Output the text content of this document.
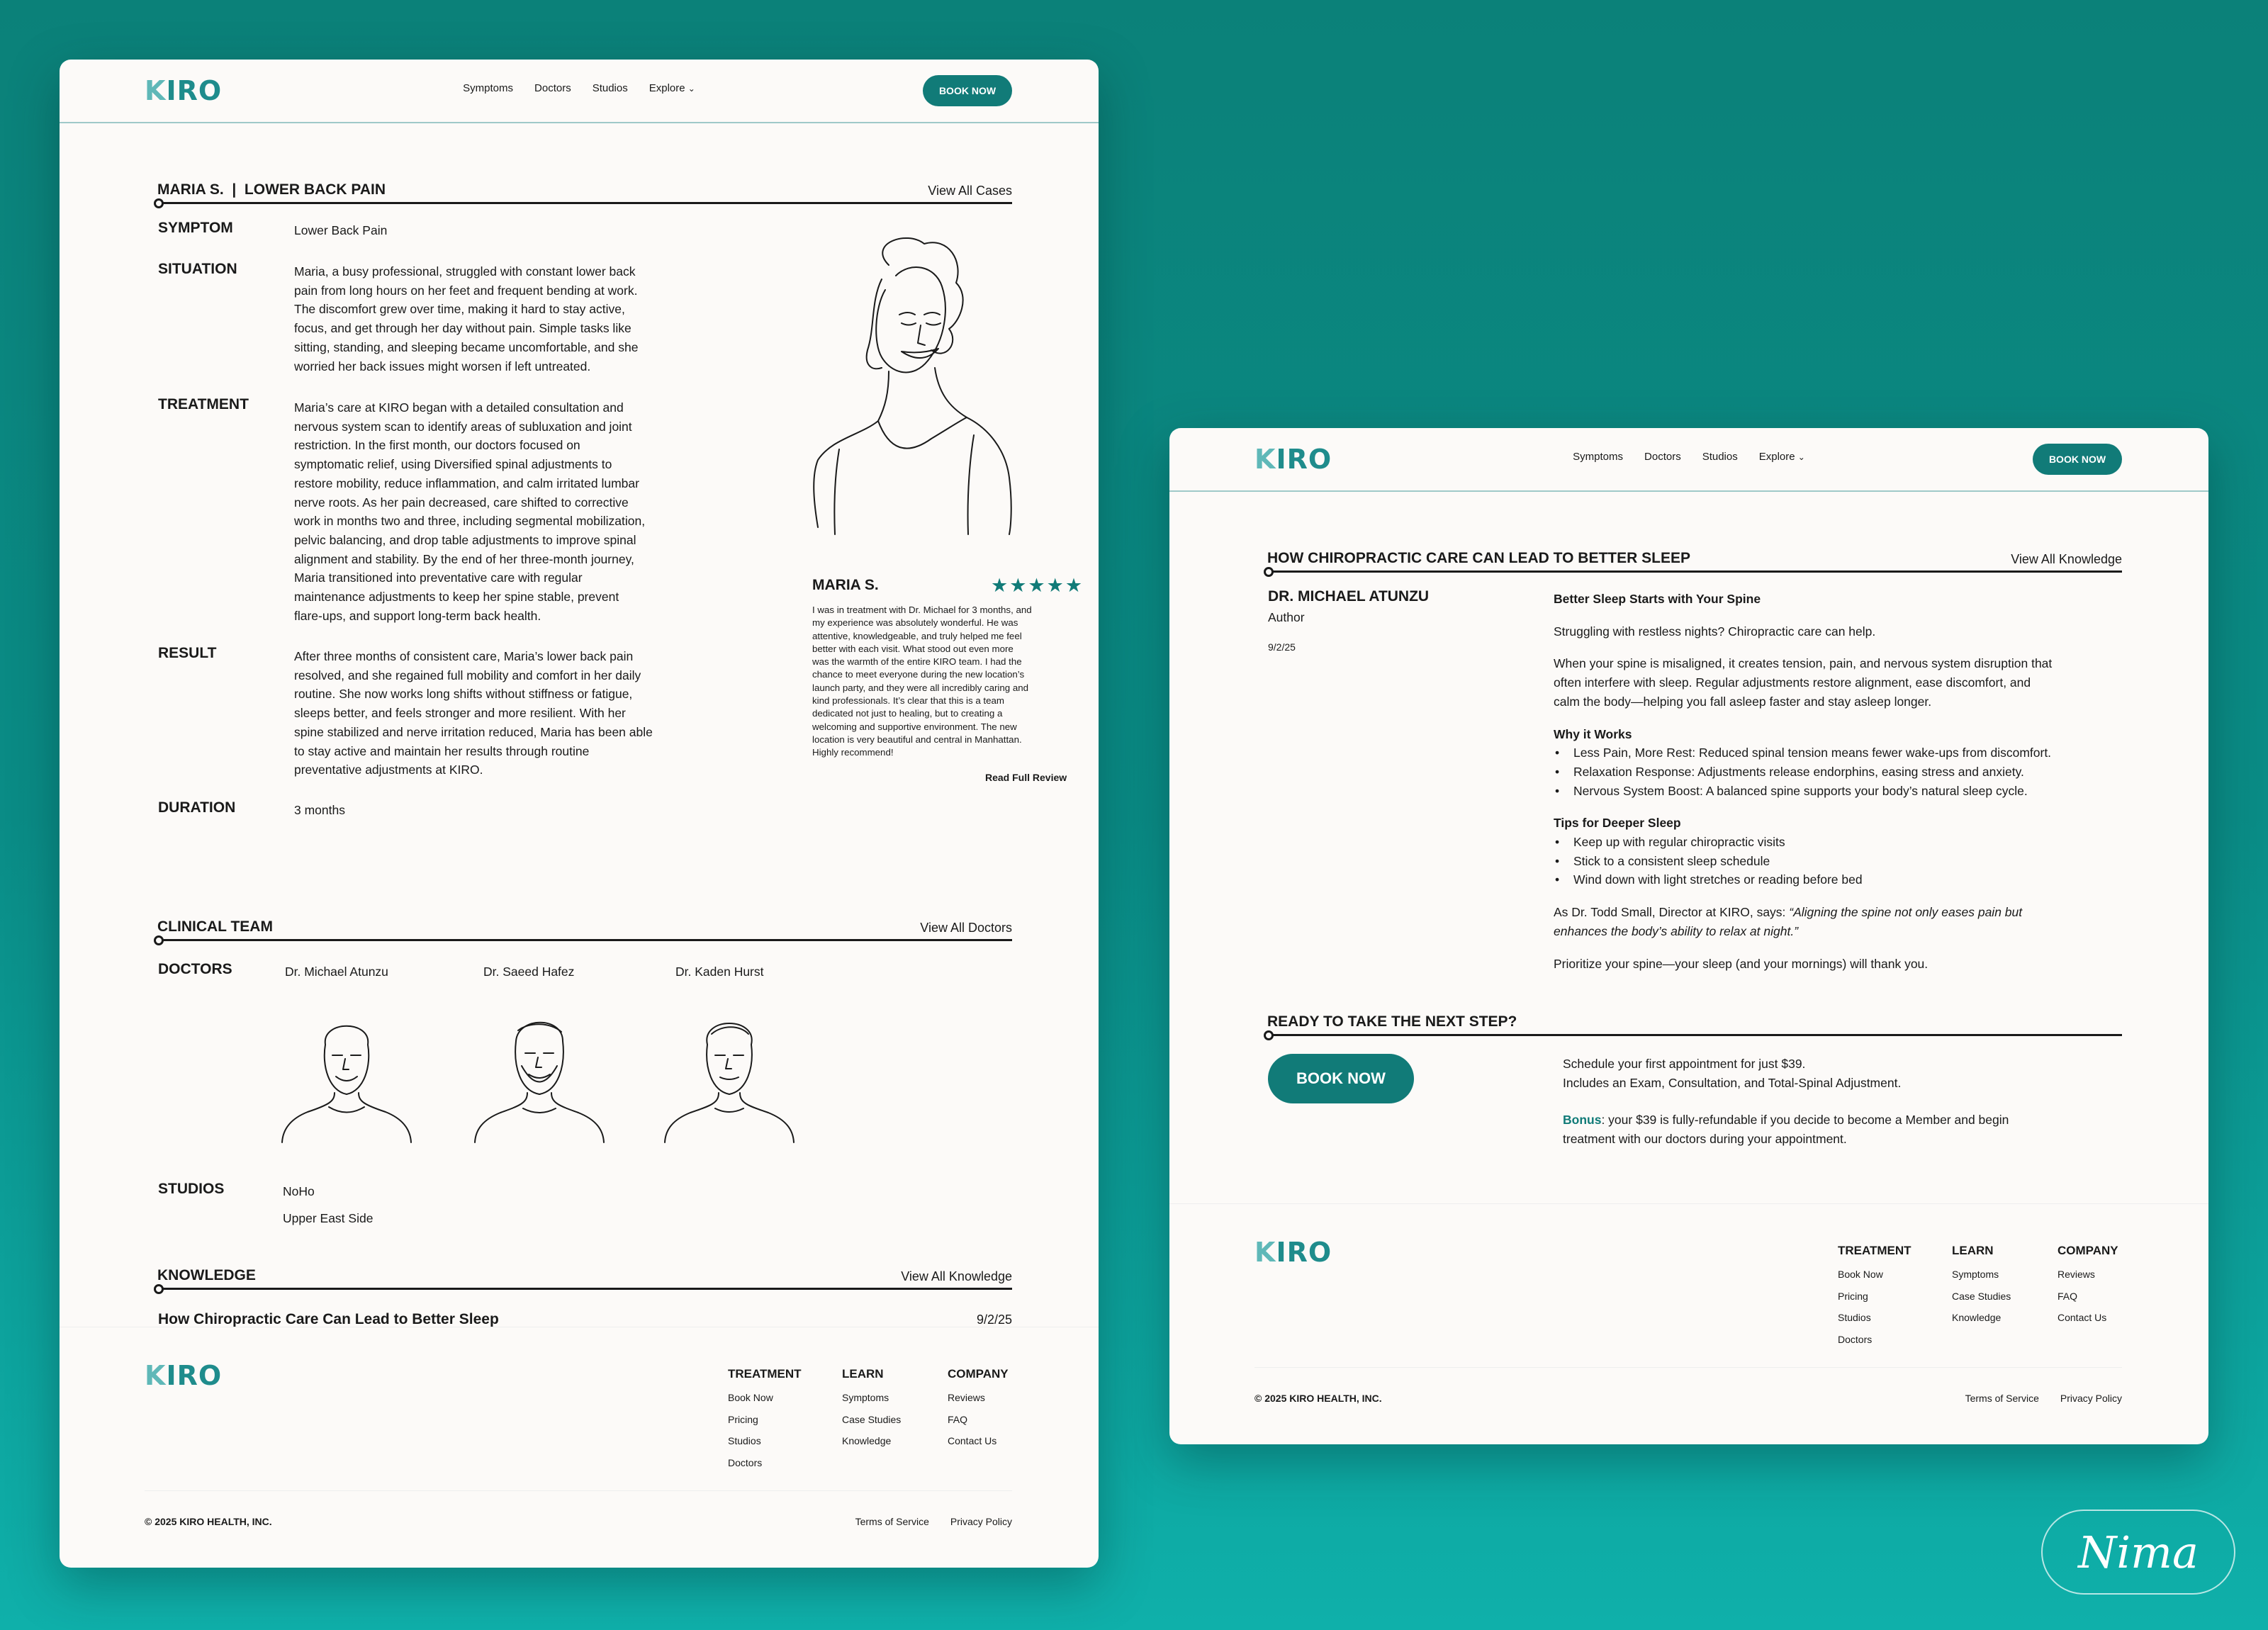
KIRO	Symptoms Doctors Studios Explore ⌄	BOOK NOW
MARIA S.  |  LOWER BACK PAIN	View All Cases
SYMPTOM	Lower Back Pain
SITUATION	Maria, a busy professional, struggled with constant lower back
pain from long hours on her feet and frequent bending at work.
The discomfort grew over time, making it hard to stay active,
focus, and get through her day without pain. Simple tasks like
sitting, standing, and sleeping became uncomfortable, and she
worried her back issues might worsen if left untreated.
TREATMENT	Maria’s care at KIRO began with a detailed consultation and
nervous system scan to identify areas of subluxation and joint
restriction. In the first month, our doctors focused on
symptomatic relief, using Diversified spinal adjustments to
restore mobility, reduce inflammation, and calm irritated lumbar
nerve roots. As her pain decreased, care shifted to corrective
work in months two and three, including segmental mobilization,
pelvic balancing, and drop table adjustments to improve spinal
alignment and stability. By the end of her three-month journey,
Maria transitioned into preventative care with regular
maintenance adjustments to keep her spine stable, prevent
flare-ups, and support long-term back health.
RESULT	After three months of consistent care, Maria’s lower back pain
resolved, and she regained full mobility and comfort in her daily
routine. She now works long shifts without stiffness or fatigue,
sleeps better, and feels stronger and more resilient. With her
spine stabilized and nerve irritation reduced, Maria has been able
to stay active and maintain her results through routine
preventative adjustments at KIRO.
DURATION	3 months
MARIA S.	★★★★★
I was in treatment with Dr. Michael for 3 months, and
my experience was absolutely wonderful. He was
attentive, knowledgeable, and truly helped me feel
better with each visit. What stood out even more
was the warmth of the entire KIRO team. I had the
chance to meet everyone during the new location’s
launch party, and they were all incredibly caring and
kind professionals. It’s clear that this is a team
dedicated not just to healing, but to creating a
welcoming and supportive environment. The new
location is very beautiful and central in Manhattan.
Highly recommend!
Read Full Review
CLINICAL TEAM	View All Doctors
DOCTORS	Dr. Michael Atunzu	Dr. Saeed Hafez	Dr. Kaden Hurst
STUDIOS	NoHo
Upper East Side
KNOWLEDGE	View All Knowledge
How Chiropractic Care Can Lead to Better Sleep	9/2/25
KIRO	TREATMENT
Book Now
Pricing
Studios
Doctors
LEARN
Symptoms
Case Studies
Knowledge
COMPANY
Reviews
FAQ
Contact Us
© 2025 KIRO HEALTH, INC.	Terms of Service Privacy Policy
KIRO	Symptoms Doctors Studios Explore ⌄	BOOK NOW
HOW CHIROPRACTIC CARE CAN LEAD TO BETTER SLEEP	View All Knowledge
DR. MICHAEL ATUNZU
Author
9/2/25
Better Sleep Starts with Your Spine
Struggling with restless nights? Chiropractic care can help.
When your spine is misaligned, it creates tension, pain, and nervous system disruption that
often interfere with sleep. Regular adjustments restore alignment, ease discomfort, and
calm the body—helping you fall asleep faster and stay asleep longer.
Why it Works
• Less Pain, More Rest: Reduced spinal tension means fewer wake-ups from discomfort.
• Relaxation Response: Adjustments release endorphins, easing stress and anxiety.
• Nervous System Boost: A balanced spine supports your body’s natural sleep cycle.
Tips for Deeper Sleep
• Keep up with regular chiropractic visits
• Stick to a consistent sleep schedule
• Wind down with light stretches or reading before bed
As Dr. Todd Small, Director at KIRO, says: “Aligning the spine not only eases pain but
enhances the body’s ability to relax at night.”
Prioritize your spine—your sleep (and your mornings) will thank you.
READY TO TAKE THE NEXT STEP?
BOOK NOW
Schedule your first appointment for just $39.
Includes an Exam, Consultation, and Total-Spinal Adjustment.
Bonus: your $39 is fully-refundable if you decide to become a Member and begin
treatment with our doctors during your appointment.
KIRO	TREATMENT
Book Now
Pricing
Studios
Doctors
LEARN
Symptoms
Case Studies
Knowledge
COMPANY
Reviews
FAQ
Contact Us
© 2025 KIRO HEALTH, INC.	Terms of Service Privacy Policy
Nima
